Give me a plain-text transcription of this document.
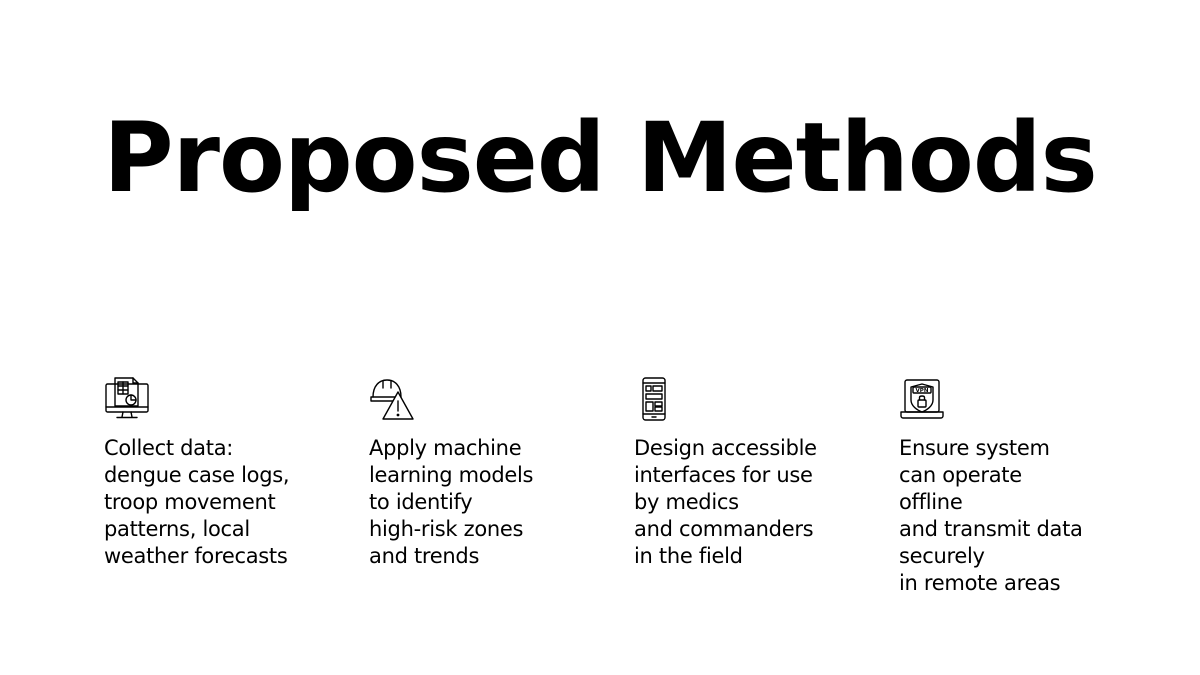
Proposed Methods
Collect data:
dengue case logs,
troop movement
patterns, local
weather forecasts
Apply machine
learning models
to identify
high-risk zones
and trends
Design accessible
interfaces for use
by medics
and commanders
in the field
VPN
Ensure system
can operate
offline
and transmit data
securely
in remote areas
